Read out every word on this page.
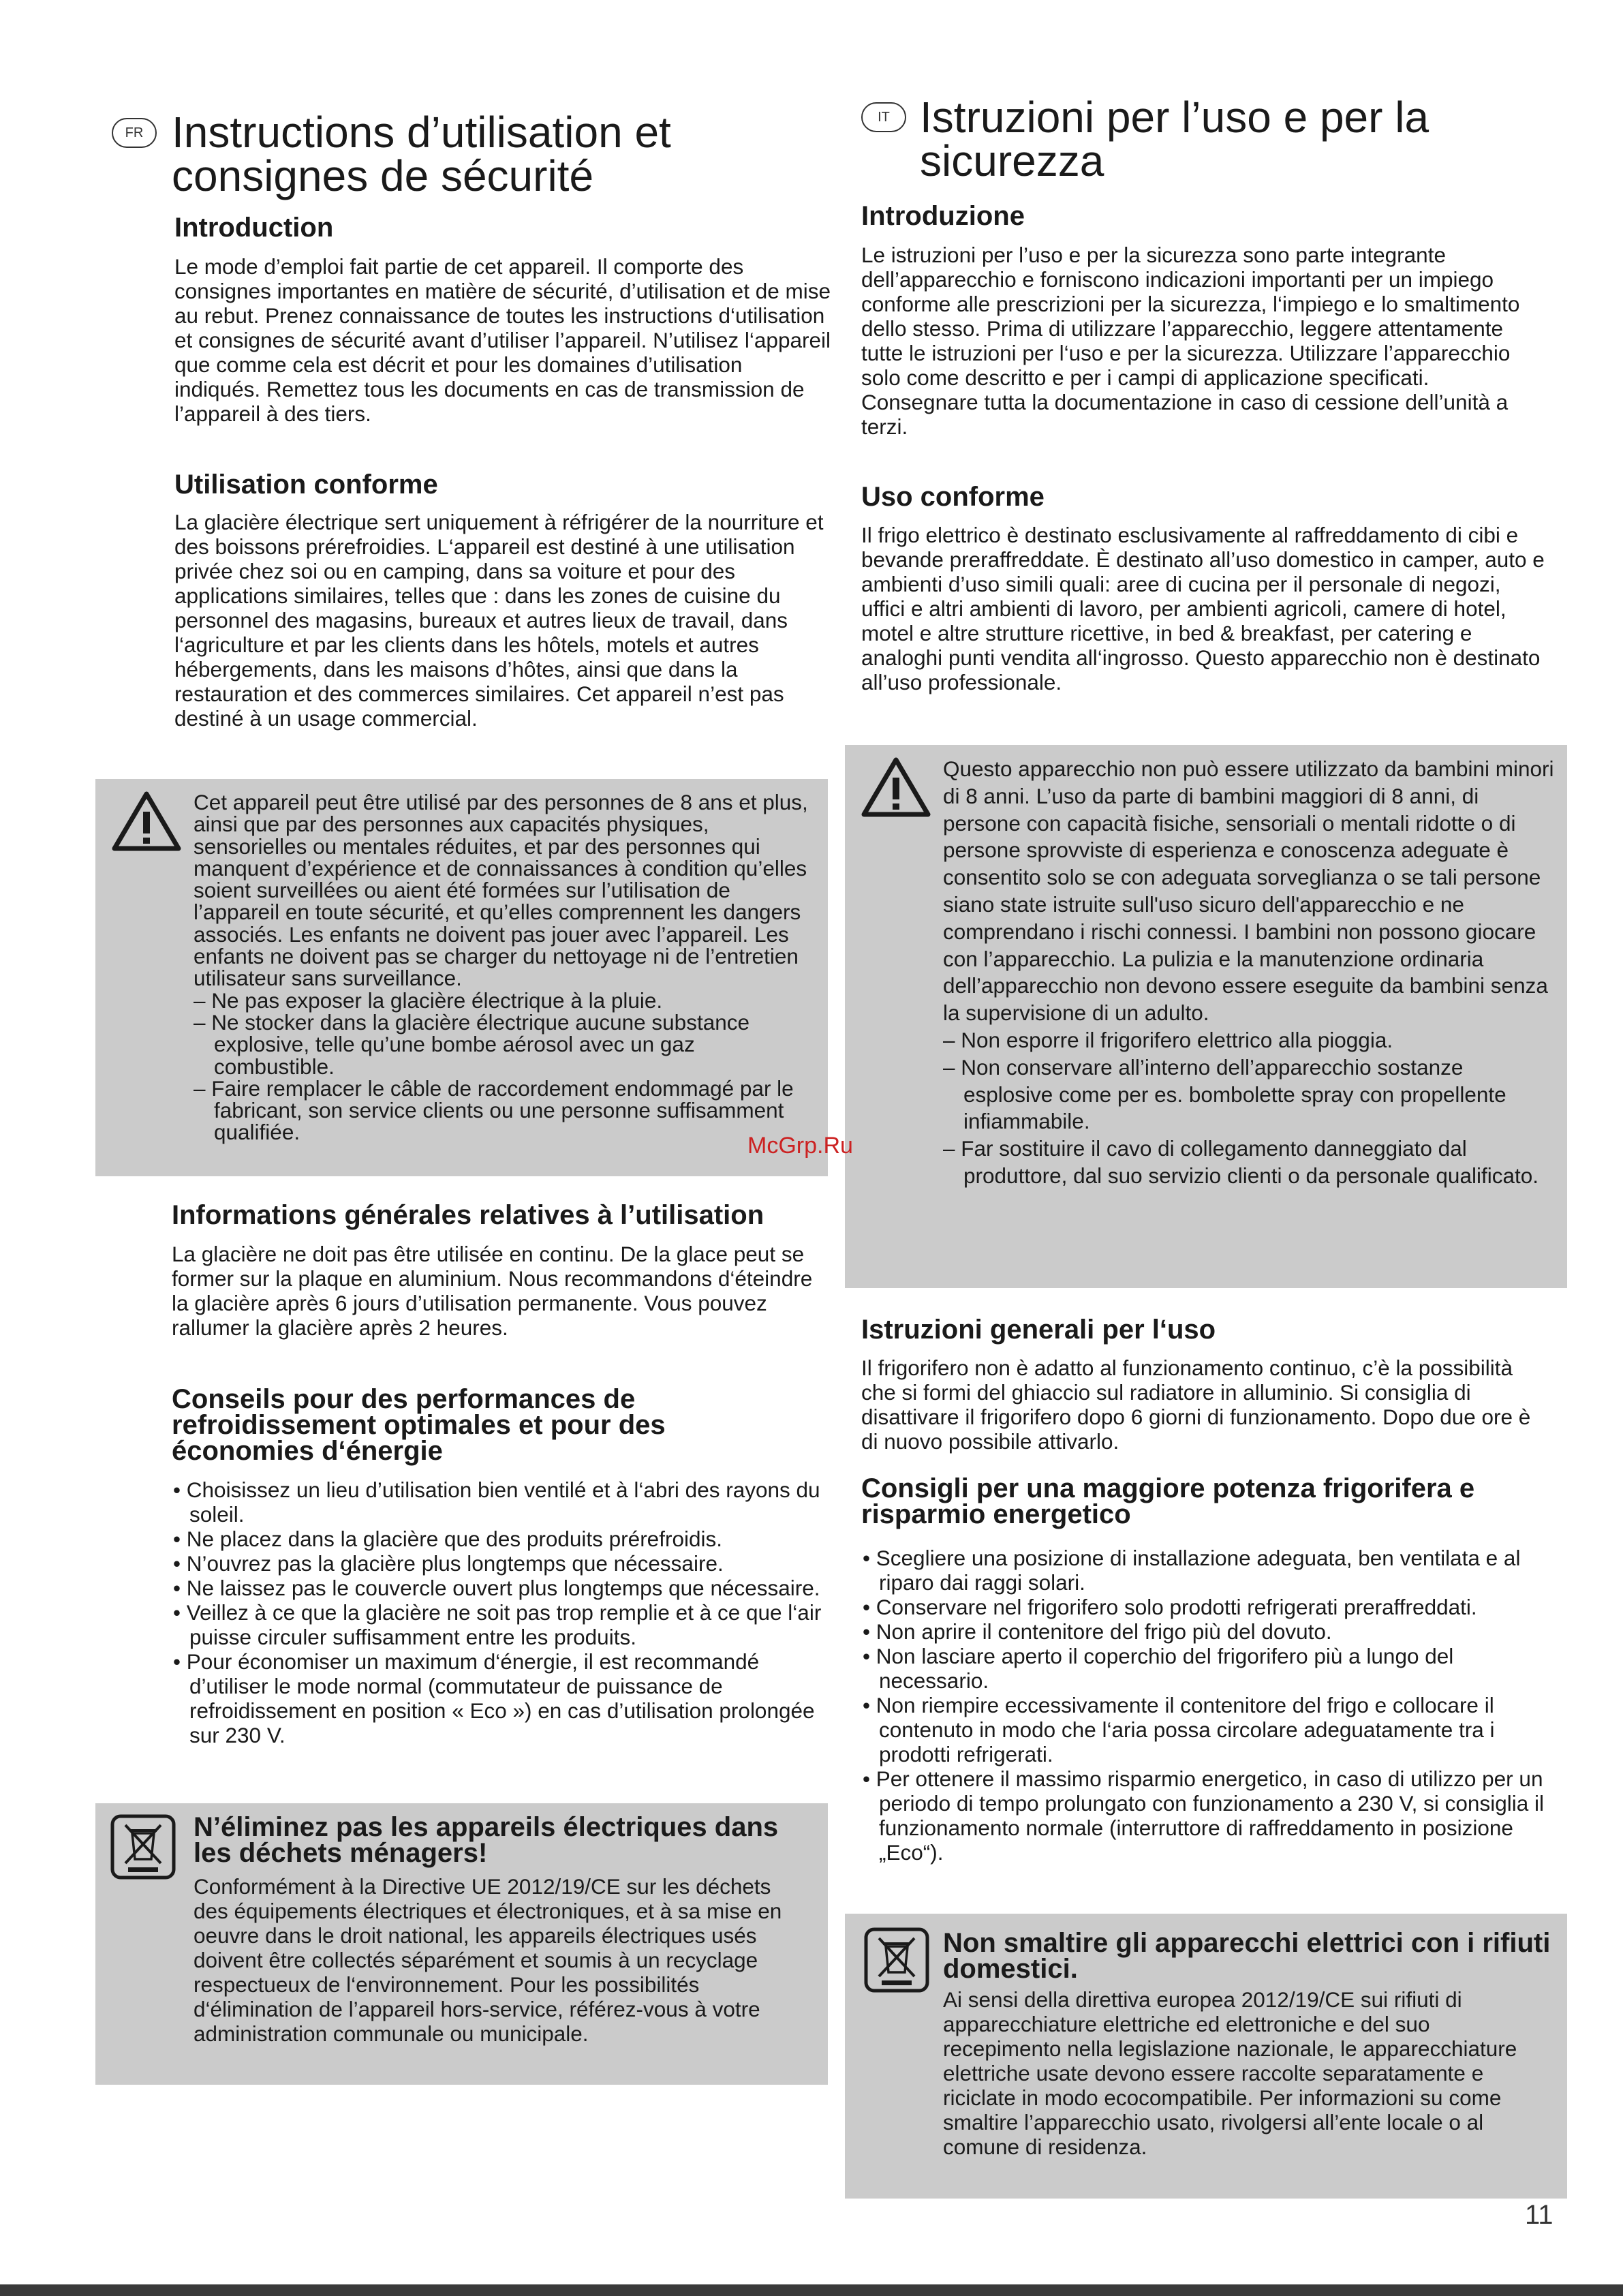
FR Instructions d’utilisation et
consignes de sécurité
Introduction

Le mode d’emploi fait partie de cet appareil. Il comporte des consignes importantes en matière de sécurité, d’utilisation et de mise au rebut. Prenez connaissance de toutes les instructions d‘utilisation et consignes de sécurité avant d’utiliser l’appareil. N’utilisez l‘appareil que comme cela est décrit et pour les domaines d’utilisation indiqués. Remettez tous les documents en cas de transmission de l’appareil à des tiers.

Utilisation conforme

La glacière électrique sert uniquement à réfrigérer de la nourriture et des boissons prérefroidies. L‘appareil est destiné à une utilisation privée chez soi ou en camping, dans sa voiture et pour des applications similaires, telles que : dans les zones de cuisine du personnel des magasins, bureaux et autres lieux de travail, dans l‘agriculture et par les clients dans les hôtels, motels et autres hébergements, dans les maisons d’hôtes, ainsi que dans la restauration et des commerces similaires. Cet appareil n’est pas destiné à un usage commercial.

Cet appareil peut être utilisé par des personnes de 8 ans et plus, ainsi que par des personnes aux capacités physiques, sensorielles ou mentales réduites, et par des personnes qui manquent d’expérience et de connaissances à condition qu’elles soient surveillées ou aient été formées sur l’utilisation de l’appareil en toute sécurité, et qu’elles comprennent les dangers associés. Les enfants ne doivent pas jouer avec l’appareil. Les enfants ne doivent pas se charger du nettoyage ni de l’entretien utilisateur sans surveillance.
– Ne pas exposer la glacière électrique à la pluie.
– Ne stocker dans la glacière électrique aucune substance explosive, telle qu’une bombe aérosol avec un gaz combustible.
– Faire remplacer le câble de raccordement endommagé par le fabricant, son service clients ou une personne suffisamment qualifiée.
Informations générales relatives à l’utilisation

La glacière ne doit pas être utilisée en continu. De la glace peut se former sur la plaque en aluminium. Nous recommandons d‘éteindre la glacière après 6 jours d’utilisation permanente. Vous pouvez rallumer la glacière après 2 heures.

Conseils pour des performances de refroidissement optimales et pour des économies d‘énergie
• Choisissez un lieu d’utilisation bien ventilé et à l‘abri des rayons du soleil.
• Ne placez dans la glacière que des produits prérefroidis.
• N’ouvrez pas la glacière plus longtemps que nécessaire.
• Ne laissez pas le couvercle ouvert plus longtemps que nécessaire.
• Veillez à ce que la glacière ne soit pas trop remplie et à ce que l‘air puisse circuler suffisamment entre les produits.
• Pour économiser un maximum d‘énergie, il est recommandé d’utiliser le mode normal (commutateur de puissance de refroidissement en position « Eco ») en cas d’utilisation prolongée sur 230 V.
N’éliminez pas les appareils électriques dans les déchets ménagers!

Conformément à la Directive UE 2012/19/CE sur les déchets des équipements électriques et électroniques, et à sa mise en oeuvre dans le droit national, les appareils électriques usés doivent être collectés séparément et soumis à un recyclage respectueux de l‘environnement. Pour les possibilités d‘élimination de l’appareil hors-service, référez-vous à votre administration communale ou municipale.

IT Istruzioni per l’uso e per la
sicurezza
Introduzione

Le istruzioni per l’uso e per la sicurezza sono parte integrante dell’apparecchio e forniscono indicazioni importanti per un impiego conforme alle prescrizioni per la sicurezza, l‘impiego e lo smaltimento dello stesso. Prima di utilizzare l’apparecchio, leggere attentamente tutte le istruzioni per l‘uso e per la sicurezza. Utilizzare l’apparecchio solo come descritto e per i campi di applicazione specificati. Consegnare tutta la documentazione in caso di cessione dell’unità a terzi.

Uso conforme

Il frigo elettrico è destinato esclusivamente al raffreddamento di cibi e bevande preraffreddate. È destinato all’uso domestico in camper, auto e ambienti d’uso simili quali: aree di cucina per il personale di negozi, uffici e altri ambienti di lavoro, per ambienti agricoli, camere di hotel, motel e altre strutture ricettive, in bed & breakfast, per catering e analoghi punti vendita all‘ingrosso. Questo apparecchio non è destinato all’uso professionale.

Questo apparecchio non può essere utilizzato da bambini minori di 8 anni. L’uso da parte di bambini maggiori di 8 anni, di persone con capacità fisiche, sensoriali o mentali ridotte o di persone sprovviste di esperienza e conoscenza adeguate è consentito solo se con adeguata sorveglianza o se tali persone siano state istruite sull'uso sicuro dell'apparecchio e ne comprendano i rischi connessi. I bambini non possono giocare con l’apparecchio. La pulizia e la manutenzione ordinaria dell’apparecchio non devono essere eseguite da bambini senza la supervisione di un adulto.
– Non esporre il frigorifero elettrico alla pioggia.
– Non conservare all’interno dell’apparecchio sostanze esplosive come per es. bombolette spray con propellente infiammabile.
– Far sostituire il cavo di collegamento danneggiato dal produttore, dal suo servizio clienti o da personale qualificato.
Istruzioni generali per l‘uso

Il frigorifero non è adatto al funzionamento continuo, c’è la possibilità che si formi del ghiaccio sul radiatore in alluminio. Si consiglia di disattivare il frigorifero dopo 6 giorni di funzionamento. Dopo due ore è di nuovo possibile attivarlo.

Consigli per una maggiore potenza frigorifera e risparmio energetico
• Scegliere una posizione di installazione adeguata, ben ventilata e al riparo dai raggi solari.
• Conservare nel frigorifero solo prodotti refrigerati preraffreddati.
• Non aprire il contenitore del frigo più del dovuto.
• Non lasciare aperto il coperchio del frigorifero più a lungo del necessario.
• Non riempire eccessivamente il contenitore del frigo e collocare il contenuto in modo che l‘aria possa circolare adeguatamente tra i prodotti refrigerati.
• Per ottenere il massimo risparmio energetico, in caso di utilizzo per un periodo di tempo prolungato con funzionamento a 230 V, si consiglia il funzionamento normale (interruttore di raffreddamento in posizione „Eco“).
Non smaltire gli apparecchi elettrici con i rifiuti domestici.

Ai sensi della direttiva europea 2012/19/CE sui rifiuti di apparecchiature elettriche ed elettroniche e del suo recepimento nella legislazione nazionale, le apparecchiature elettriche usate devono essere raccolte separatamente e riciclate in modo ecocompatibile. Per informazioni su come smaltire l’apparecchio usato, rivolgersi all’ente locale o al comune di residenza.

McGrp.Ru
11
